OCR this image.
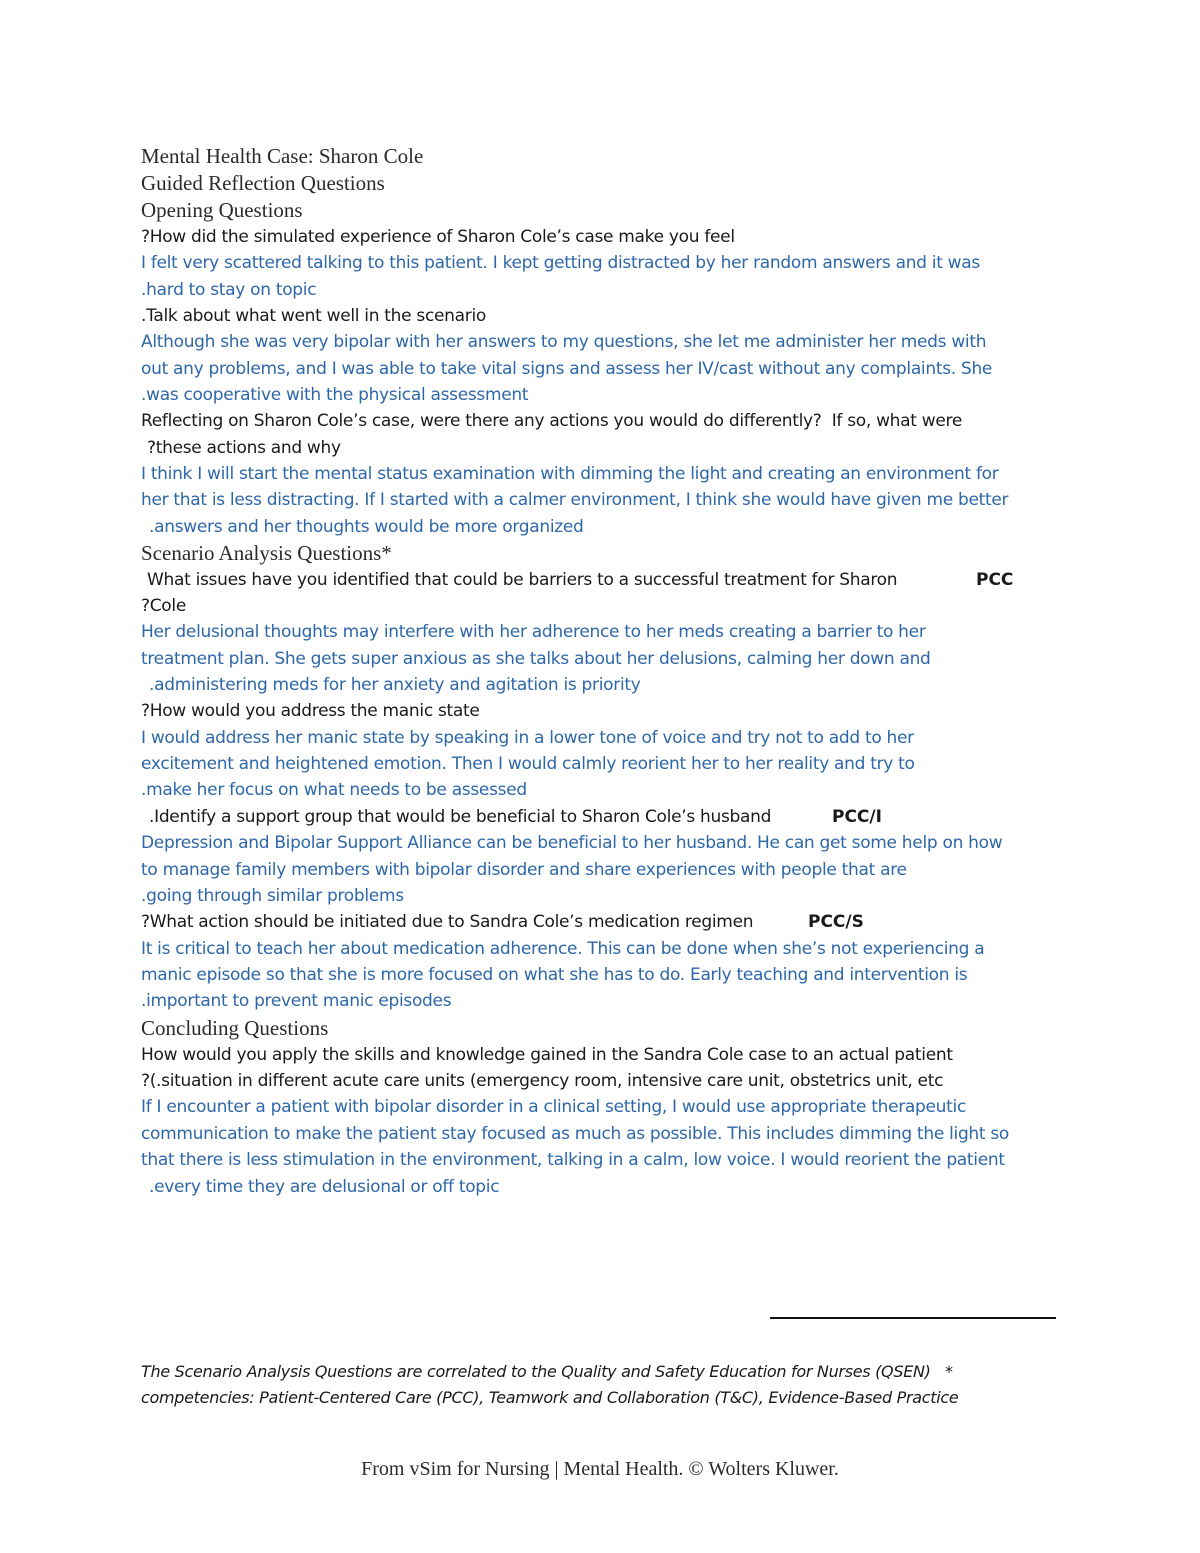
Mental Health Case: Sharon Cole
Guided Reflection Questions
Opening Questions
?How did the simulated experience of Sharon Cole’s case make you feel
I felt very scattered talking to this patient. I kept getting distracted by her random answers and it was
.hard to stay on topic
.Talk about what went well in the scenario
Although she was very bipolar with her answers to my questions, she let me administer her meds with
out any problems, and I was able to take vital signs and assess her IV/cast without any complaints. She
.was cooperative with the physical assessment
Reflecting on Sharon Cole’s case, were there any actions you would do differently?  If so, what were
?these actions and why
I think I will start the mental status examination with dimming the light and creating an environment for
her that is less distracting. If I started with a calmer environment, I think she would have given me better
.answers and her thoughts would be more organized
Scenario Analysis Questions*
What issues have you identified that could be barriers to a successful treatment for Sharon	PCC
?Cole
Her delusional thoughts may interfere with her adherence to her meds creating a barrier to her
treatment plan. She gets super anxious as she talks about her delusions, calming her down and
.administering meds for her anxiety and agitation is priority
?How would you address the manic state
I would address her manic state by speaking in a lower tone of voice and try not to add to her
excitement and heightened emotion. Then I would calmly reorient her to her reality and try to
.make her focus on what needs to be assessed
.Identify a support group that would be beneficial to Sharon Cole’s husband	PCC/I
Depression and Bipolar Support Alliance can be beneficial to her husband. He can get some help on how
to manage family members with bipolar disorder and share experiences with people that are
.going through similar problems
?What action should be initiated due to Sandra Cole’s medication regimen	PCC/S
It is critical to teach her about medication adherence. This can be done when she’s not experiencing a
manic episode so that she is more focused on what she has to do. Early teaching and intervention is
.important to prevent manic episodes
Concluding Questions
How would you apply the skills and knowledge gained in the Sandra Cole case to an actual patient
?(.situation in different acute care units (emergency room, intensive care unit, obstetrics unit, etc
If I encounter a patient with bipolar disorder in a clinical setting, I would use appropriate therapeutic
communication to make the patient stay focused as much as possible. This includes dimming the light so
that there is less stimulation in the environment, talking in a calm, low voice. I would reorient the patient
.every time they are delusional or off topic
The Scenario Analysis Questions are correlated to the Quality and Safety Education for Nurses (QSEN)   *
competencies: Patient-Centered Care (PCC), Teamwork and Collaboration (T&C), Evidence-Based Practice
From vSim for Nursing | Mental Health. © Wolters Kluwer.
